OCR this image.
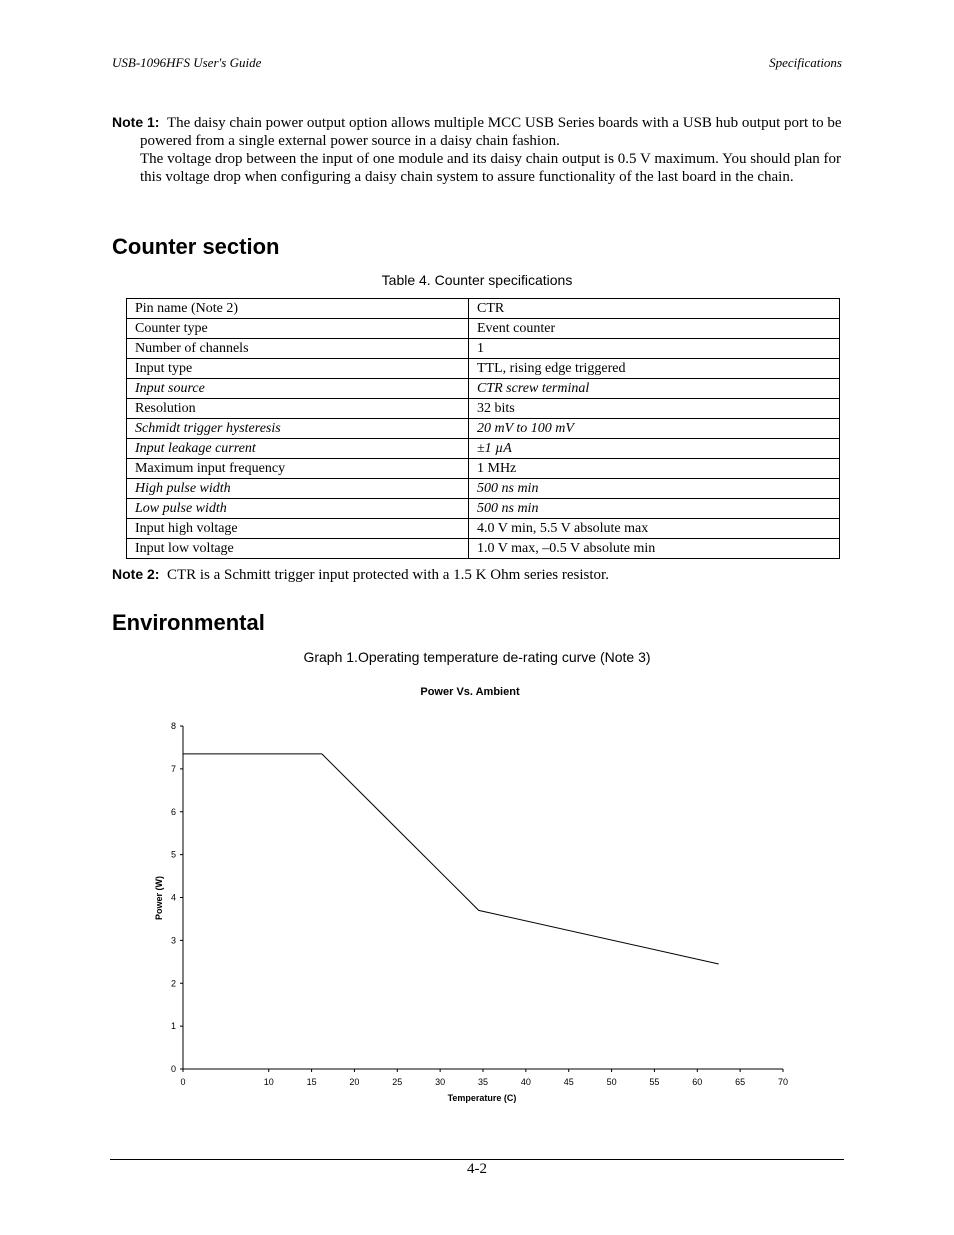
USB-1096HFS User's Guide	Specifications
Note 1: The daisy chain power output option allows multiple MCC USB Series boards with a USB hub output port to be powered from a single external power source in a daisy chain fashion.
The voltage drop between the input of one module and its daisy chain output is 0.5 V maximum. You should plan for this voltage drop when configuring a daisy chain system to assure functionality of the last board in the chain.
Counter section
Table 4. Counter specifications
Pin name (Note 2)	CTR
Counter type	Event counter
Number of channels	1
Input type	TTL, rising edge triggered
Input source	CTR screw terminal
Resolution	32 bits
Schmidt trigger hysteresis	20 mV to 100 mV
Input leakage current	±1 µA
Maximum input frequency	1 MHz
High pulse width	500 ns min
Low pulse width	500 ns min
Input high voltage	4.0 V min, 5.5 V absolute max
Input low voltage	1.0 V max, –0.5 V absolute min
Note 2: CTR is a Schmitt trigger input protected with a 1.5 K Ohm series resistor.
Environmental
Graph 1.Operating temperature de-rating curve (Note 3)
Power Vs. Ambient
0
1
2
3
4
5
6
7
8
0	10	15	20	25	30	35	40	45	50	55	60	65	70
Temperature (C)
Power (W)
4-2
